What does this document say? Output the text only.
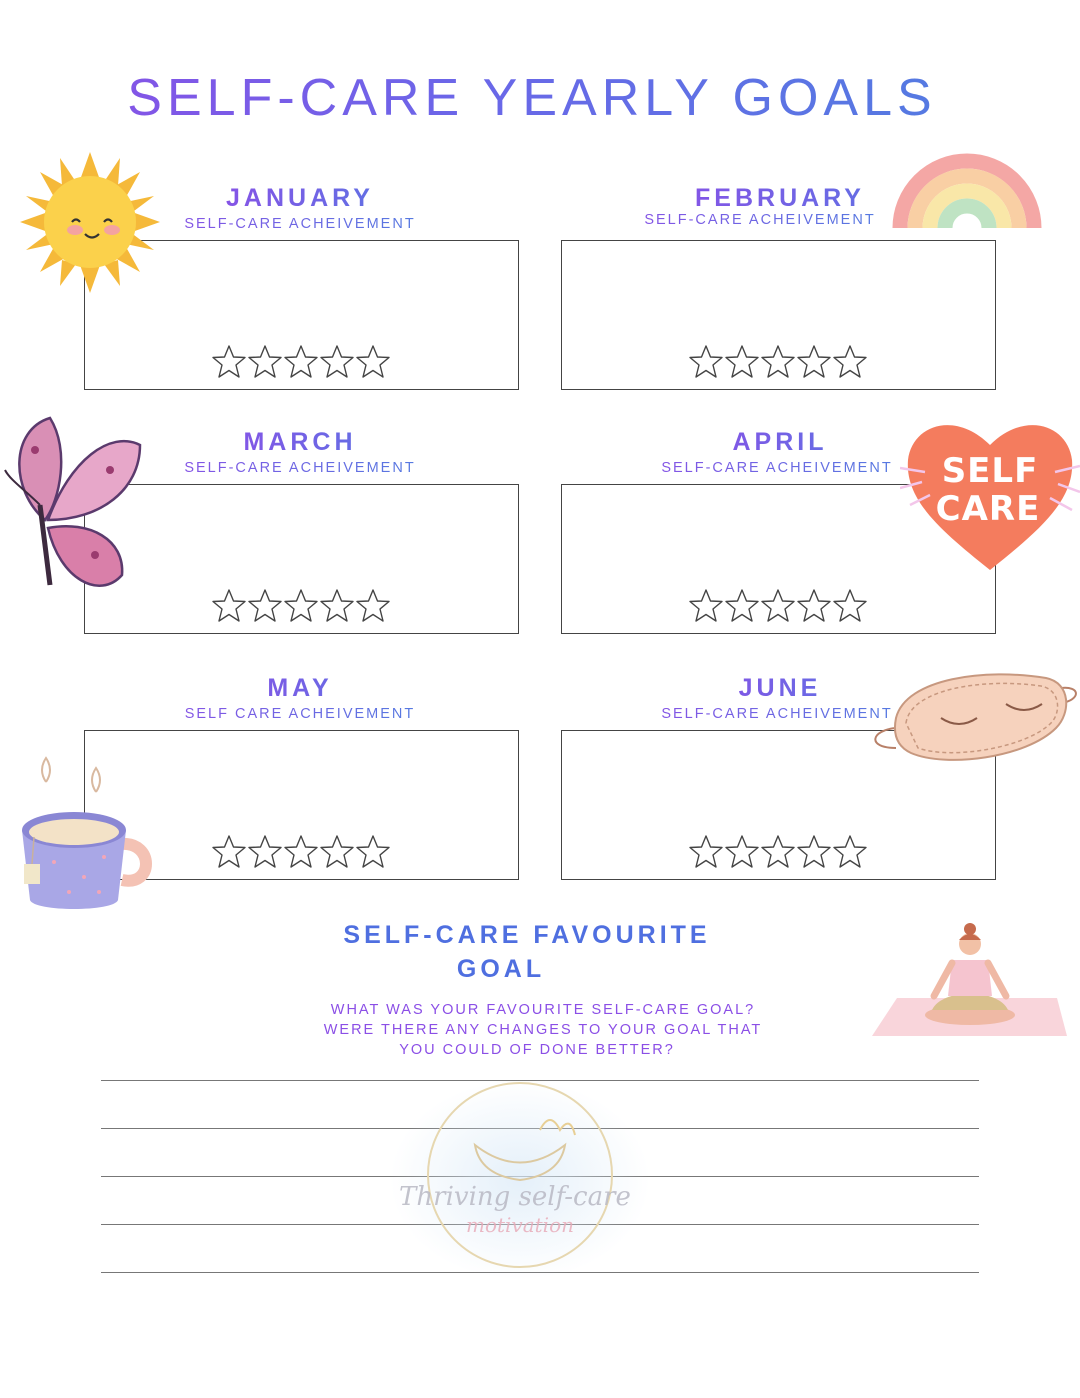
SELF-CARE YEARLY GOALS
JANUARY
SELF-CARE ACHEIVEMENT
FEBRUARY
SELF-CARE ACHEIVEMENT
MARCH
SELF-CARE ACHEIVEMENT
APRIL
SELF-CARE ACHEIVEMENT
MAY
SELF CARE ACHEIVEMENT
JUNE
SELF-CARE ACHEIVEMENT
SELF-CARE FAVOURITE
GOAL
WHAT WAS YOUR FAVOURITE SELF-CARE GOAL?
WERE THERE ANY CHANGES TO YOUR GOAL THAT
YOU COULD OF DONE BETTER?
Thriving self-care
motivation
SELF
CARE
